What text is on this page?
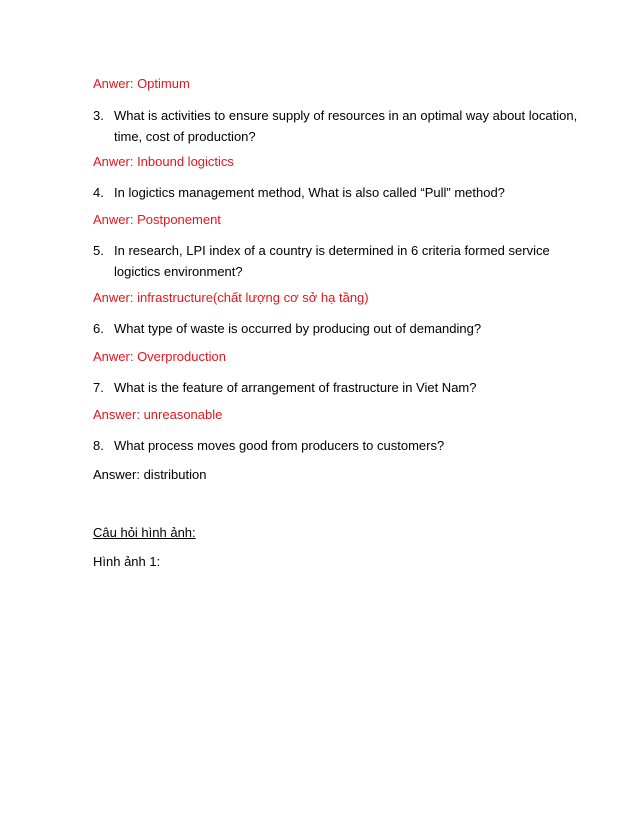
Anwer: Optimum
3. What is activities to ensure supply of resources in an optimal way about location, time, cost of production?
Anwer: Inbound logictics
4. In logictics management method, What is also called “Pull” method?
Anwer: Postponement
5. In research, LPI index of a country is determined in 6 criteria formed service logictics environment?
Anwer: infrastructure(chất lượng cơ sở hạ tầng)
6. What type of waste is occurred by producing out of demanding?
Anwer: Overproduction
7. What is the feature of arrangement of frastructure in Viet Nam?
Answer: unreasonable
8. What process moves good from producers to customers?
Answer: distribution
Câu hỏi hình ảnh:
Hình ảnh 1:
